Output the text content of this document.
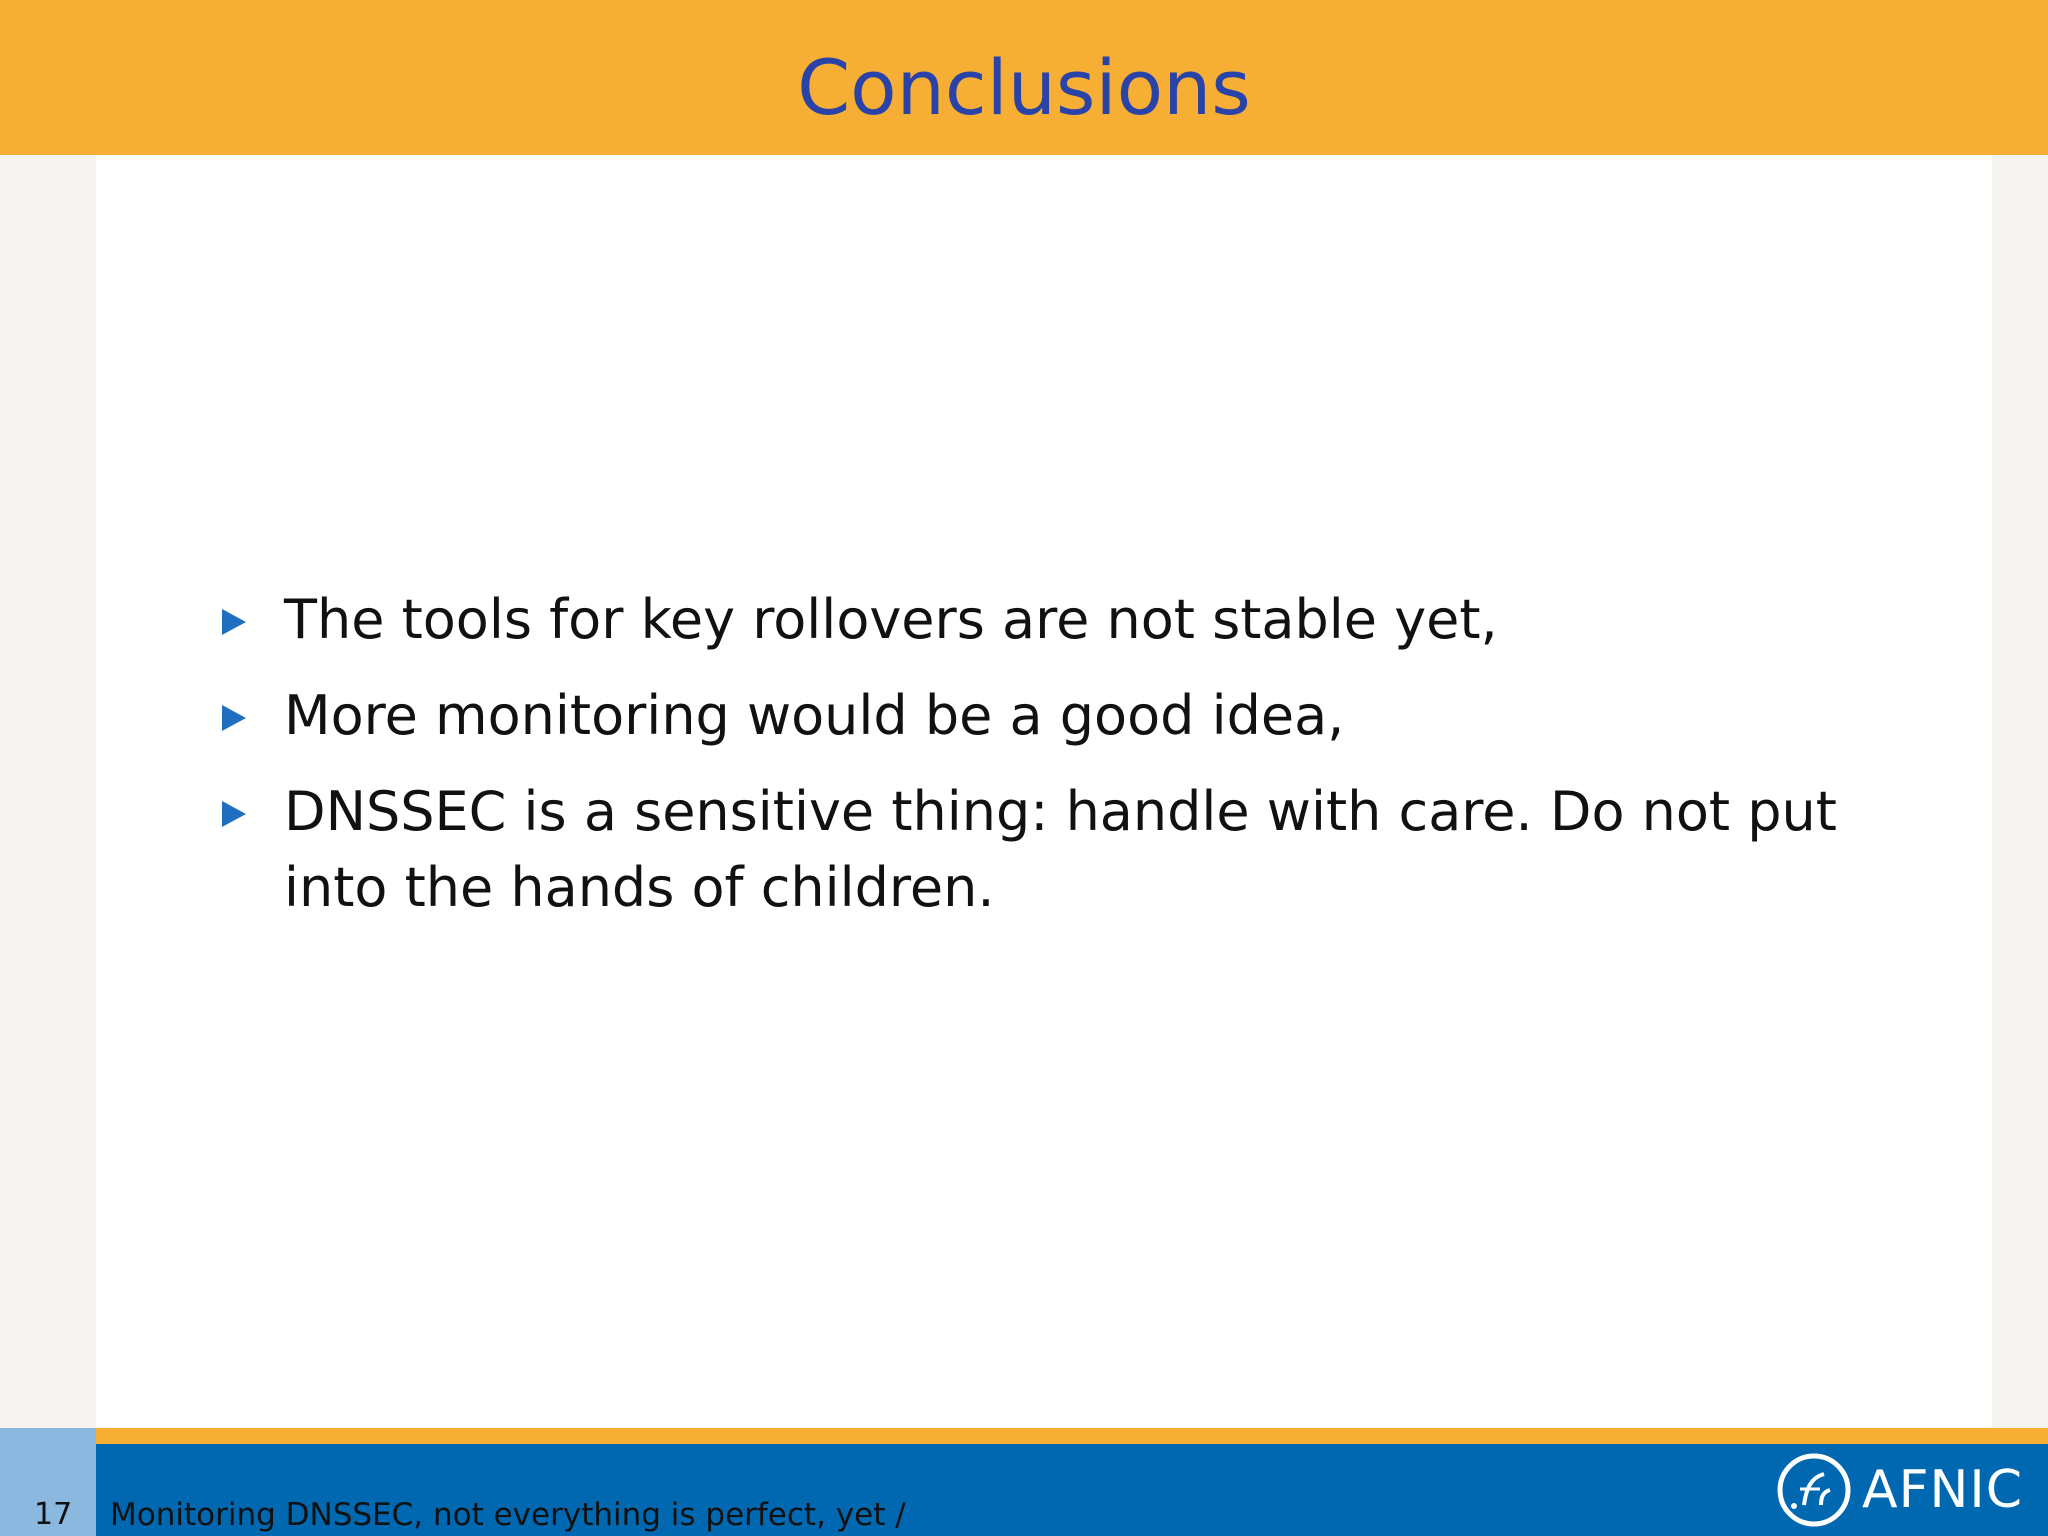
Conclusions
The tools for key rollovers are not stable yet,
More monitoring would be a good idea,
DNSSEC is a sensitive thing: handle with care. Do not put into the hands of children.
17 Monitoring DNSSEC, not everything is perfect, yet /	AFNIC
